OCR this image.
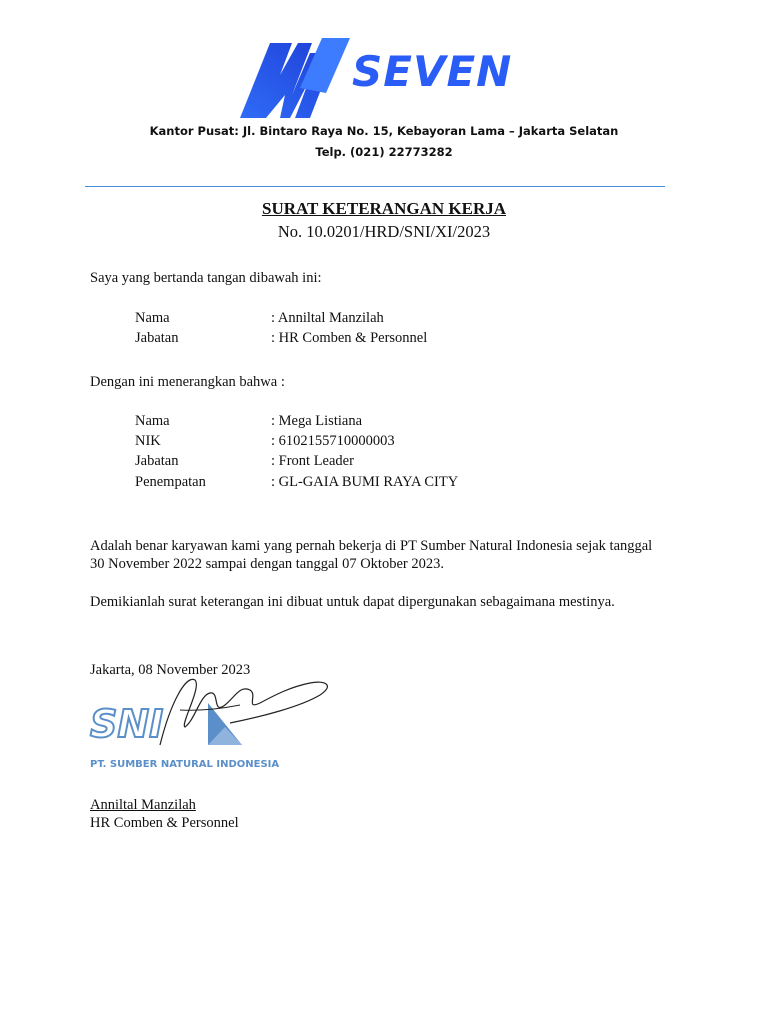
SEVEN
Kantor Pusat: Jl. Bintaro Raya No. 15, Kebayoran Lama – Jakarta Selatan
Telp. (021) 22773282
SURAT KETERANGAN KERJA
No. 10.0201/HRD/SNI/XI/2023
Saya yang bertanda tangan dibawah ini:
Nama	: Anniltal Manzilah
Jabatan	: HR Comben & Personnel
Dengan ini menerangkan bahwa :
Nama	: Mega Listiana
NIK	: 6102155710000003
Jabatan	: Front Leader
Penempatan	: GL-GAIA BUMI RAYA CITY
Adalah benar karyawan kami yang pernah bekerja di PT Sumber Natural Indonesia sejak tanggal
30 November 2022 sampai dengan tanggal 07 Oktober 2023.
Demikianlah surat keterangan ini dibuat untuk dapat dipergunakan sebagaimana mestinya.
Jakarta, 08 November 2023
SNI
PT. SUMBER NATURAL INDONESIA
Anniltal Manzilah
HR Comben & Personnel
